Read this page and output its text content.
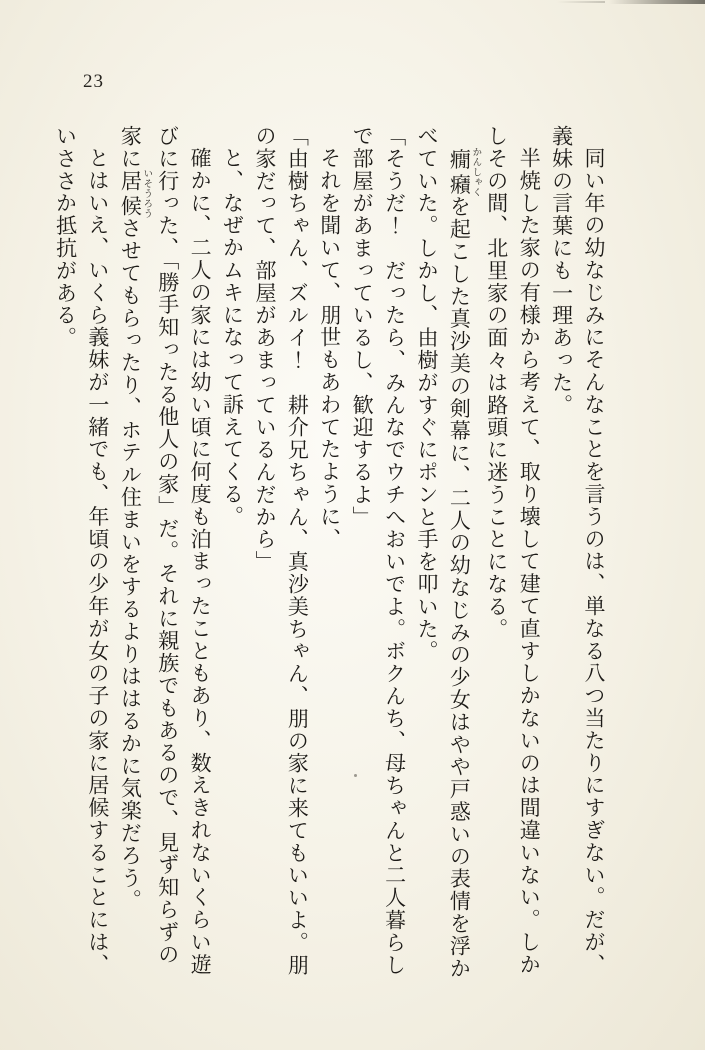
23
同い年の幼なじみにそんなことを言うのは、単なる八つ当たりにすぎない。だが、
義妹の言葉にも一理あった。
半焼した家の有様から考えて、取り壊して建て直すしかないのは間違いない。しか
しその間、北里家の面々は路頭に迷うことになる。
癇癪 かんしゃくを起こした真沙美の剣幕に、二人の幼なじみの少女はやや戸惑いの表情を浮か
べていた。しかし、由樹がすぐにポンと手を叩いた。
「そうだ！　だったら、みんなでウチへおいでよ。ボクんち、母ちゃんと二人暮らし
で部屋があまっているし、歓迎するよ」
それを聞いて、朋世もあわてたように、
「由樹ちゃん、ズルイ！　耕介兄ちゃん、真沙美ちゃん、朋の家に来てもいいよ。朋
の家だって、部屋があまっているんだから」
と、なぜかムキになって訴えてくる。
確かに、二人の家には幼い頃に何度も泊まったこともあり、数えきれないくらい遊
びに行った、「勝手知ったる他人の家」だ。それに親族でもあるので、見ず知らずの
家に居候 いそうろうさせてもらったり、ホテル住まいをするよりははるかに気楽だろう。
とはいえ、いくら義妹が一緒でも、年頃の少年が女の子の家に居候することには、
いささか抵抗がある。
